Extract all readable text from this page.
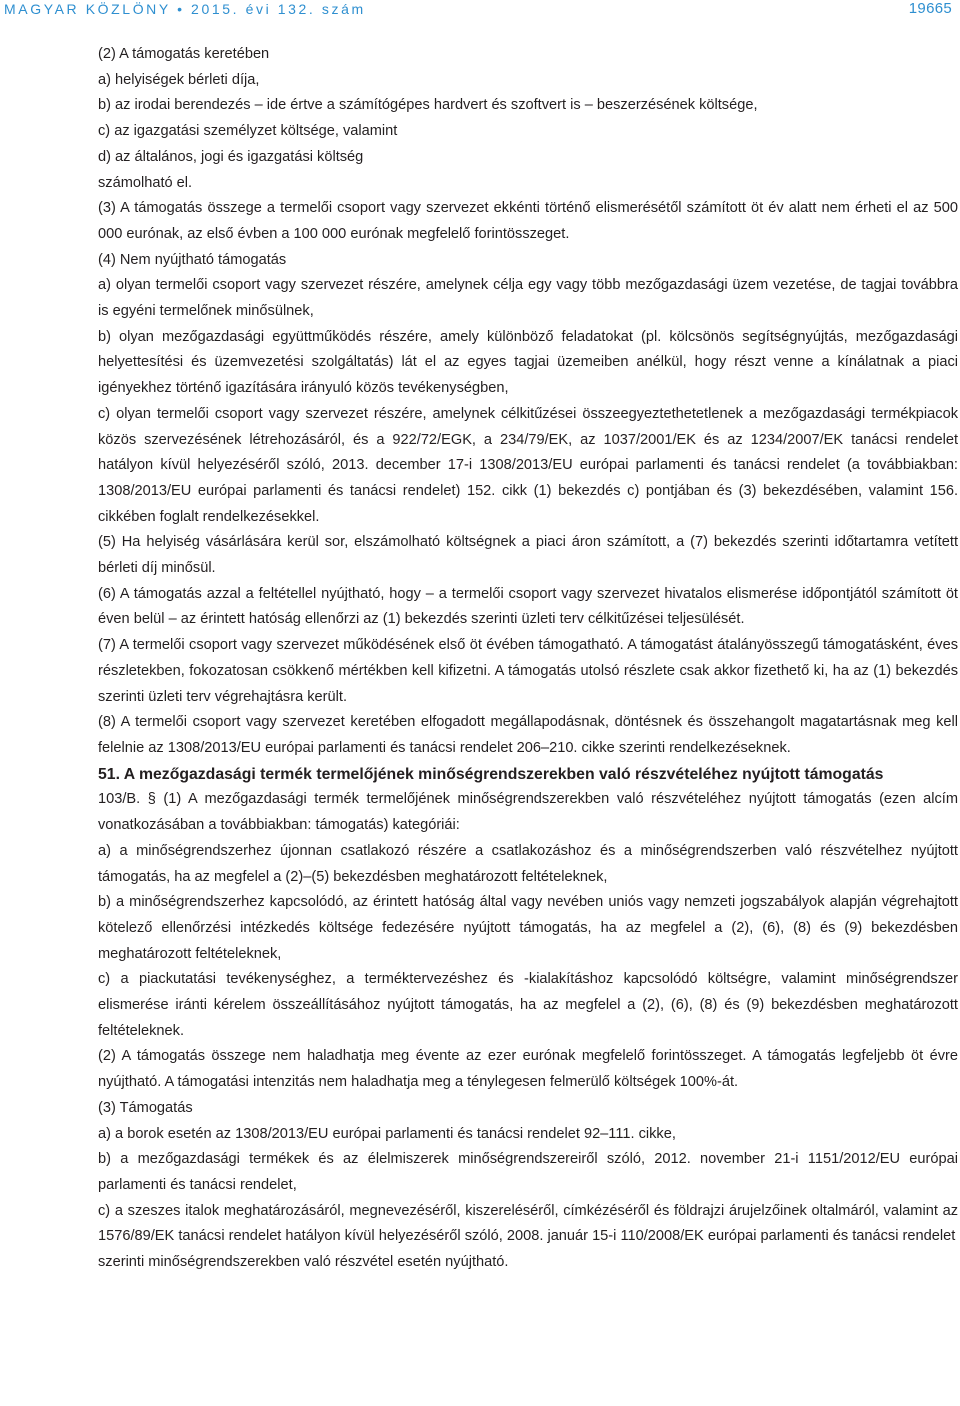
MAGYAR KÖZLÖNY • 2015. évi 132. szám	19665

(2) A támogatás keretében

a) helyiségek bérleti díja,

b) az irodai berendezés – ide értve a számítógépes hardvert és szoftvert is – beszerzésének költsége,

c) az igazgatási személyzet költsége, valamint

d) az általános, jogi és igazgatási költség

számolható el.

(3) A támogatás összege a termelői csoport vagy szervezet ekkénti történő elismerésétől számított öt év alatt nem érheti el az 500 000 eurónak, az első évben a 100 000 eurónak megfelelő forintösszeget.

(4) Nem nyújtható támogatás

a) olyan termelői csoport vagy szervezet részére, amelynek célja egy vagy több mezőgazdasági üzem vezetése, de tagjai továbbra is egyéni termelőnek minősülnek,

b) olyan mezőgazdasági együttműködés részére, amely különböző feladatokat (pl. kölcsönös segítségnyújtás, mezőgazdasági helyettesítési és üzemvezetési szolgáltatás) lát el az egyes tagjai üzemeiben anélkül, hogy részt venne a kínálatnak a piaci igényekhez történő igazítására irányuló közös tevékenységben,

c) olyan termelői csoport vagy szervezet részére, amelynek célkitűzései összeegyeztethetetlenek a mezőgazdasági termékpiacok közös szervezésének létrehozásáról, és a 922/72/EGK, a 234/79/EK, az 1037/2001/EK és az 1234/2007/EK tanácsi rendelet hatályon kívül helyezéséről szóló, 2013. december 17-i 1308/2013/EU európai parlamenti és tanácsi rendelet (a továbbiakban: 1308/2013/EU európai parlamenti és tanácsi rendelet) 152. cikk (1) bekezdés c) pontjában és (3) bekezdésében, valamint 156. cikkében foglalt rendelkezésekkel.

(5) Ha helyiség vásárlására kerül sor, elszámolható költségnek a piaci áron számított, a (7) bekezdés szerinti időtartamra vetített bérleti díj minősül.

(6) A támogatás azzal a feltétellel nyújtható, hogy – a termelői csoport vagy szervezet hivatalos elismerése időpontjától számított öt éven belül – az érintett hatóság ellenőrzi az (1) bekezdés szerinti üzleti terv célkitűzései teljesülését.

(7) A termelői csoport vagy szervezet működésének első öt évében támogatható. A támogatást átalányösszegű támogatásként, éves részletekben, fokozatosan csökkenő mértékben kell kifizetni. A támogatás utolsó részlete csak akkor fizethető ki, ha az (1) bekezdés szerinti üzleti terv végrehajtásra került.

(8) A termelői csoport vagy szervezet keretében elfogadott megállapodásnak, döntésnek és összehangolt magatartásnak meg kell felelnie az 1308/2013/EU európai parlamenti és tanácsi rendelet 206–210. cikke szerinti rendelkezéseknek.

51. A mezőgazdasági termék termelőjének minőségrendszerekben való részvételéhez nyújtott támogatás

103/B. § (1) A mezőgazdasági termék termelőjének minőségrendszerekben való részvételéhez nyújtott támogatás (ezen alcím vonatkozásában a továbbiakban: támogatás) kategóriái:

a) a minőségrendszerhez újonnan csatlakozó részére a csatlakozáshoz és a minőségrendszerben való részvételhez nyújtott támogatás, ha az megfelel a (2)–(5) bekezdésben meghatározott feltételeknek,

b) a minőségrendszerhez kapcsolódó, az érintett hatóság által vagy nevében uniós vagy nemzeti jogszabályok alapján végrehajtott kötelező ellenőrzési intézkedés költsége fedezésére nyújtott támogatás, ha az megfelel a (2), (6), (8) és (9) bekezdésben meghatározott feltételeknek,

c) a piackutatási tevékenységhez, a terméktervezéshez és -kialakításhoz kapcsolódó költségre, valamint minőségrendszer elismerése iránti kérelem összeállításához nyújtott támogatás, ha az megfelel a (2), (6), (8) és (9) bekezdésben meghatározott feltételeknek.

(2) A támogatás összege nem haladhatja meg évente az ezer eurónak megfelelő forintösszeget. A támogatás legfeljebb öt évre nyújtható. A támogatási intenzitás nem haladhatja meg a ténylegesen felmerülő költségek 100%-át.

(3) Támogatás

a) a borok esetén az 1308/2013/EU európai parlamenti és tanácsi rendelet 92–111. cikke,

b) a mezőgazdasági termékek és az élelmiszerek minőségrendszereiről szóló, 2012. november 21-i 1151/2012/EU európai parlamenti és tanácsi rendelet,

c) a szeszes italok meghatározásáról, megnevezéséről, kiszereléséről, címkézéséről és földrajzi árujelzőinek oltalmáról, valamint az 1576/89/EK tanácsi rendelet hatályon kívül helyezéséről szóló, 2008. január 15-i 110/2008/EK európai parlamenti és tanácsi rendelet

szerinti minőségrendszerekben való részvétel esetén nyújtható.
